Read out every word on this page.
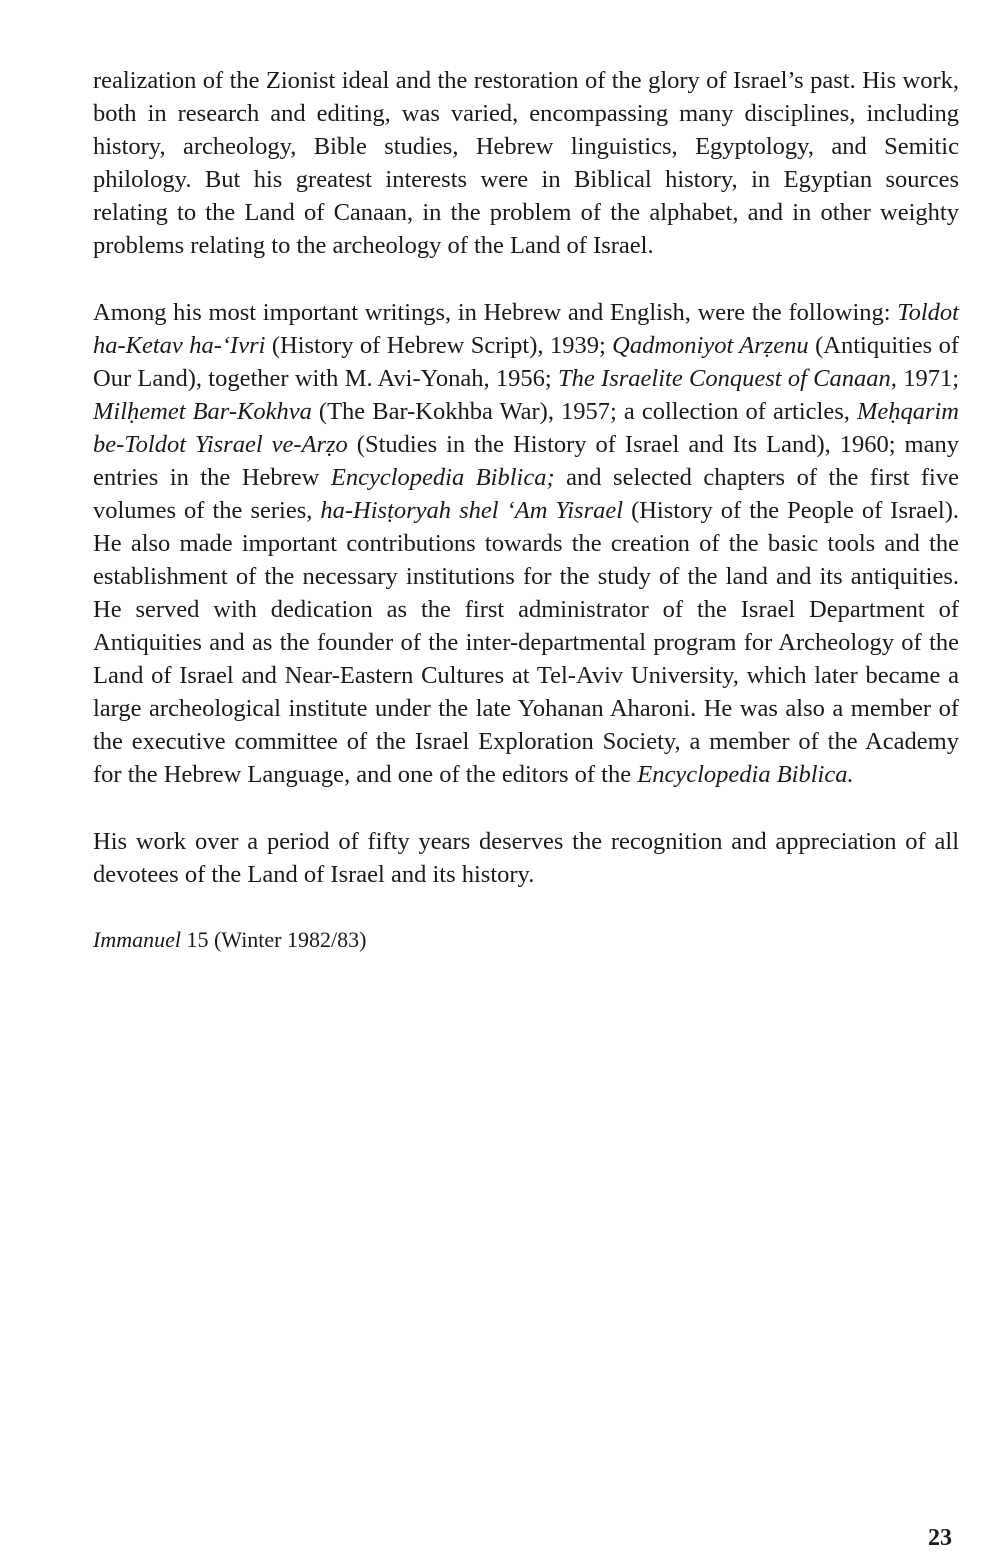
realization of the Zionist ideal and the restoration of the glory of Israel’s past. His work, both in research and editing, was varied, encompassing many disciplines, including history, archeology, Bible studies, Hebrew linguistics, Egyptology, and Semitic philology. But his greatest interests were in Biblical history, in Egyptian sources relating to the Land of Canaan, in the problem of the alphabet, and in other weighty problems relating to the archeology of the Land of Israel.

Among his most important writings, in Hebrew and English, were the following: Toldot ha-Ketav ha-‘Ivri (History of Hebrew Script), 1939; Qadmoniyot Arẓenu (Antiquities of Our Land), together with M. Avi-Yonah, 1956; The Israelite Conquest of Canaan, 1971; Milḥemet Bar-Kokhva (The Bar-Kokhba War), 1957; a collection of articles, Meḥqarim be-Toldot Yisrael ve-Arẓo (Studies in the History of Israel and Its Land), 1960; many entries in the Hebrew Encyclopedia Biblica; and selected chapters of the first five volumes of the series, ha-Hisṭoryah shel ‘Am Yisrael (History of the People of Israel). He also made important contributions towards the creation of the basic tools and the establishment of the necessary institutions for the study of the land and its antiquities. He served with dedication as the first administrator of the Israel Department of Antiquities and as the founder of the inter-departmental program for Archeology of the Land of Israel and Near-Eastern Cultures at Tel-Aviv University, which later became a large archeological institute under the late Yohanan Aharoni. He was also a member of the executive committee of the Israel Exploration Society, a member of the Academy for the Hebrew Language, and one of the editors of the Encyclopedia Biblica.

His work over a period of fifty years deserves the recognition and appreciation of all devotees of the Land of Israel and its history.

Immanuel 15 (Winter 1982/83)
23
